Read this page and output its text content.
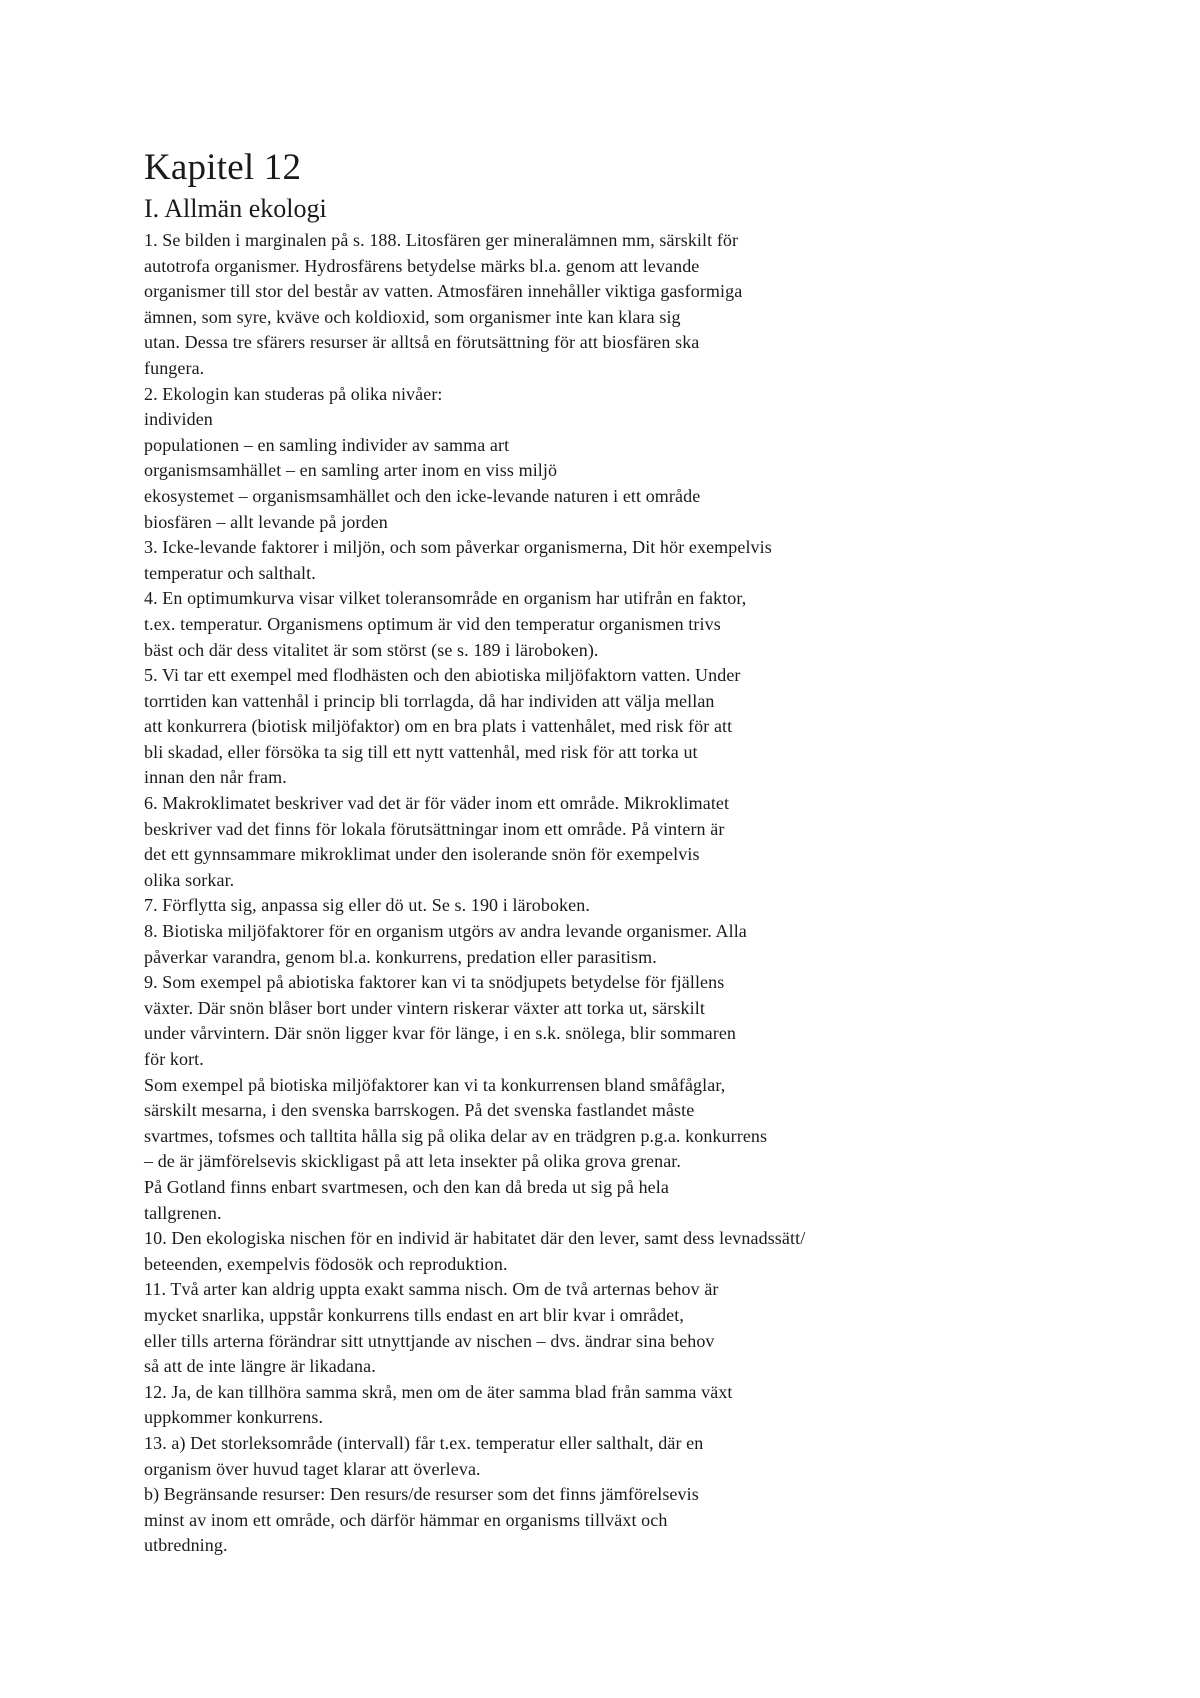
Kapitel 12
I. Allmän ekologi
1. Se bilden i marginalen på s. 188. Litosfären ger mineralämnen mm, särskilt för
autotrofa organismer. Hydrosfärens betydelse märks bl.a. genom att levande
organismer till stor del består av vatten. Atmosfären innehåller viktiga gasformiga
ämnen, som syre, kväve och koldioxid, som organismer inte kan klara sig
utan. Dessa tre sfärers resurser är alltså en förutsättning för att biosfären ska
fungera.
2. Ekologin kan studeras på olika nivåer:
individen
populationen – en samling individer av samma art
organismsamhället – en samling arter inom en viss miljö
ekosystemet – organismsamhället och den icke-levande naturen i ett område
biosfären – allt levande på jorden
3. Icke-levande faktorer i miljön, och som påverkar organismerna, Dit hör exempelvis
temperatur och salthalt.
4. En optimumkurva visar vilket toleransområde en organism har utifrån en faktor,
t.ex. temperatur. Organismens optimum är vid den temperatur organismen trivs
bäst och där dess vitalitet är som störst (se s. 189 i läroboken).
5. Vi tar ett exempel med flodhästen och den abiotiska miljöfaktorn vatten. Under
torrtiden kan vattenhål i princip bli torrlagda, då har individen att välja mellan
att konkurrera (biotisk miljöfaktor) om en bra plats i vattenhålet, med risk för att
bli skadad, eller försöka ta sig till ett nytt vattenhål, med risk för att torka ut
innan den når fram.
6. Makroklimatet beskriver vad det är för väder inom ett område. Mikroklimatet
beskriver vad det finns för lokala förutsättningar inom ett område. På vintern är
det ett gynnsammare mikroklimat under den isolerande snön för exempelvis
olika sorkar.
7. Förflytta sig, anpassa sig eller dö ut. Se s. 190 i läroboken.
8. Biotiska miljöfaktorer för en organism utgörs av andra levande organismer. Alla
påverkar varandra, genom bl.a. konkurrens, predation eller parasitism.
9. Som exempel på abiotiska faktorer kan vi ta snödjupets betydelse för fjällens
växter. Där snön blåser bort under vintern riskerar växter att torka ut, särskilt
under vårvintern. Där snön ligger kvar för länge, i en s.k. snölega, blir sommaren
för kort.
Som exempel på biotiska miljöfaktorer kan vi ta konkurrensen bland småfåglar,
särskilt mesarna, i den svenska barrskogen. På det svenska fastlandet måste
svartmes, tofsmes och talltita hålla sig på olika delar av en trädgren p.g.a. konkurrens
– de är jämförelsevis skickligast på att leta insekter på olika grova grenar.
På Gotland finns enbart svartmesen, och den kan då breda ut sig på hela
tallgrenen.
10. Den ekologiska nischen för en individ är habitatet där den lever, samt dess levnadssätt/
beteenden, exempelvis födosök och reproduktion.
11. Två arter kan aldrig uppta exakt samma nisch. Om de två arternas behov är
mycket snarlika, uppstår konkurrens tills endast en art blir kvar i området,
eller tills arterna förändrar sitt utnyttjande av nischen – dvs. ändrar sina behov
så att de inte längre är likadana.
12. Ja, de kan tillhöra samma skrå, men om de äter samma blad från samma växt
uppkommer konkurrens.
13. a) Det storleksområde (intervall) får t.ex. temperatur eller salthalt, där en
organism över huvud taget klarar att överleva.
b) Begränsande resurser: Den resurs/de resurser som det finns jämförelsevis
minst av inom ett område, och därför hämmar en organisms tillväxt och
utbredning.
